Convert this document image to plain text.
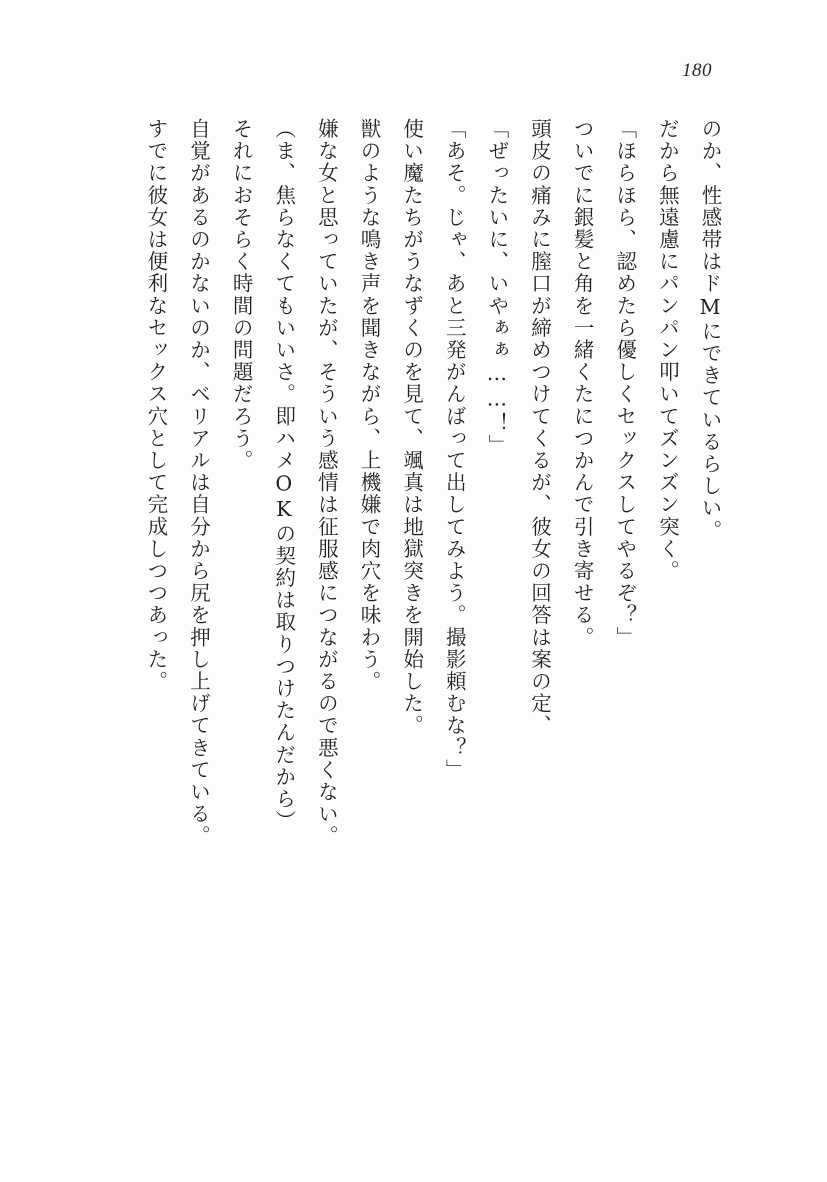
180

のか、性感帯はドMにできているらしい。

だから無遠慮にパンパン叩いてズンズン突く。

「ほらほら、認めたら優しくセックスしてやるぞ？」

ついでに銀髪と角を一緒くたにつかんで引き寄せる。

頭皮の痛みに膣口が締めつけてくるが、彼女の回答は案の定、

「ぜったいに、いやぁぁ……！」

「あそ。じゃ、あと三発がんばって出してみよう。撮影頼むな？」

使い魔たちがうなずくのを見て、颯真は地獄突きを開始した。

獣のような鳴き声を聞きながら、上機嫌で肉穴を味わう。

嫌な女と思っていたが、そういう感情は征服感につながるので悪くない。

（ま、焦らなくてもいいさ。即ハメOKの契約は取りつけたんだから）

それにおそらく時間の問題だろう。

自覚があるのかないのか、ベリアルは自分から尻を押し上げてきている。

すでに彼女は便利なセックス穴として完成しつつあった。
